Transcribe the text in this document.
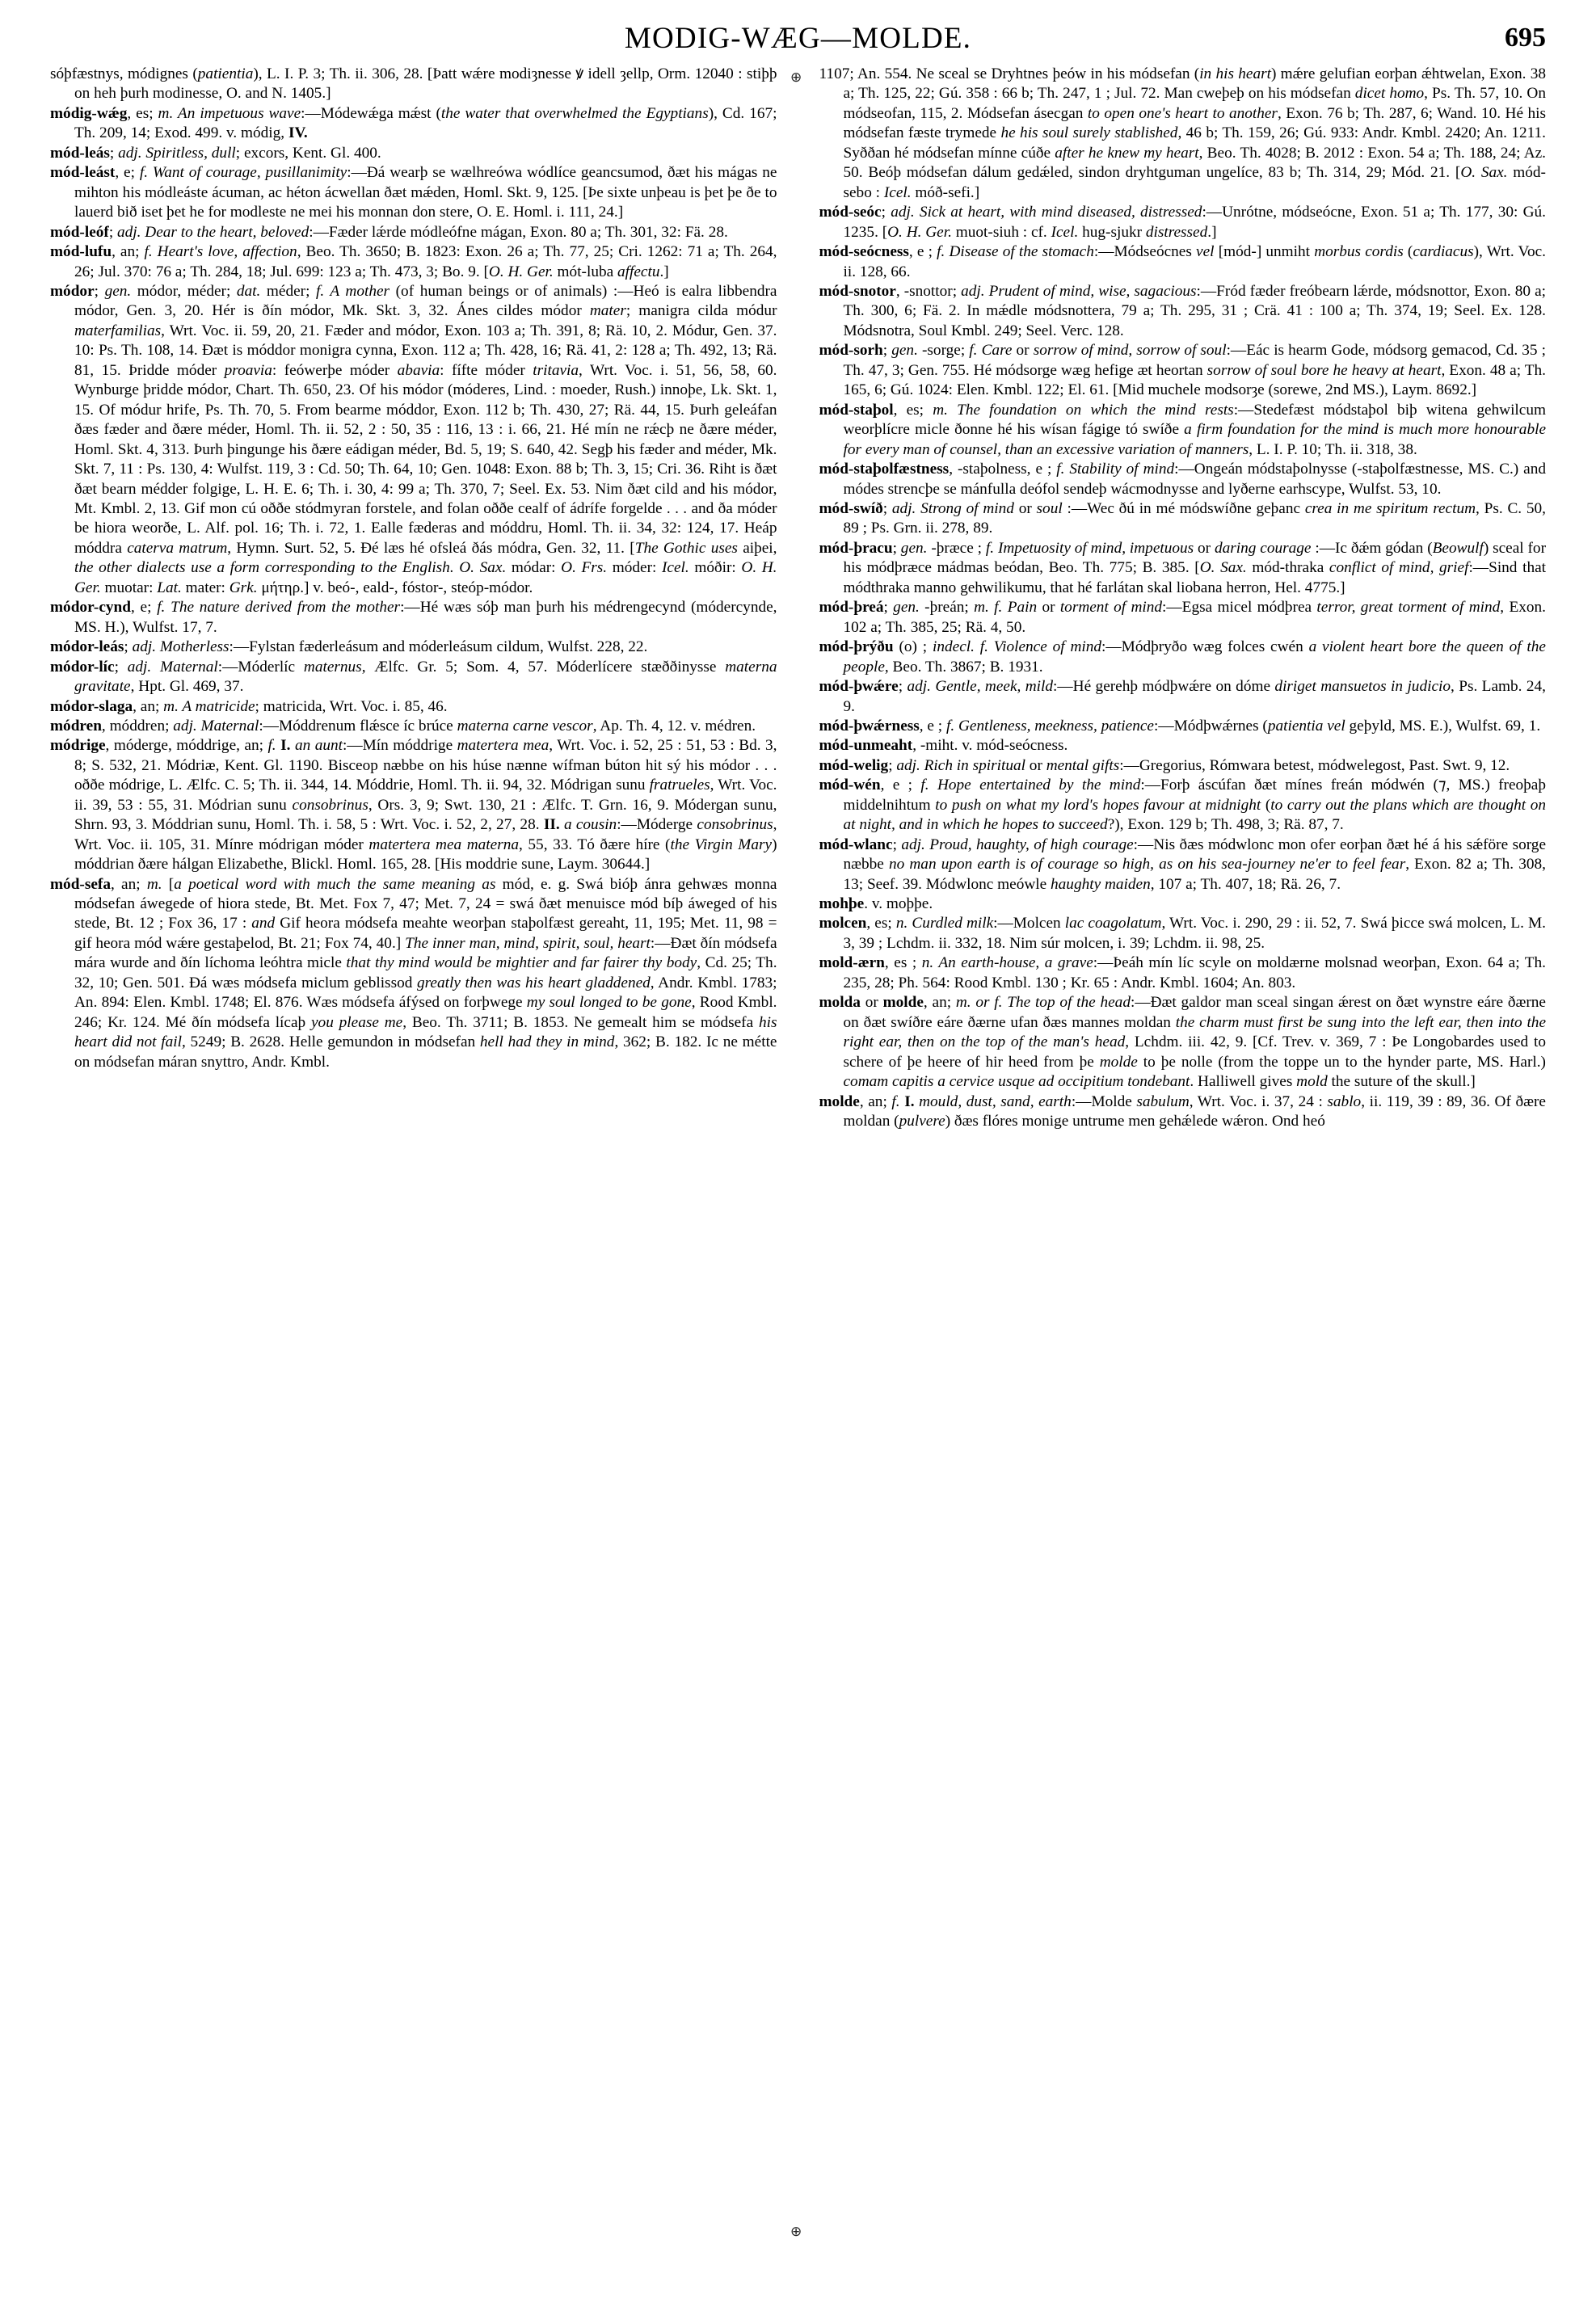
MODIG-WÆG—MOLDE.	695

sóþfæstnys, módignes (patientia), L. I. P. 3; Th. ii. 306, 28. [Þatt wǽre modiȝnesse ꝟ idell ȝellp, Orm. 12040 : stiþþ on heh þurh modinesse, O. and N. 1405.]

módig-wǽg, es; m. An impetuous wave:—Módewǽga mǽst (the water that overwhelmed the Egyptians), Cd. 167; Th. 209, 14; Exod. 499. v. módig, IV.

mód-leás; adj. Spiritless, dull; excors, Kent. Gl. 400.

mód-leást, e; f. Want of courage, pusillanimity:—Ðá wearþ se wælhreówa wódlíce geancsumod, ðæt his mágas ne mihton his módleáste ácuman, ac héton ácwellan ðæt mǽden, Homl. Skt. 9, 125. [Þe sixte unþeau is þet þe ðe to lauerd bið iset þet he for modleste ne mei his monnan don stere, O. E. Homl. i. 111, 24.]

mód-leóf; adj. Dear to the heart, beloved:—Fæder lǽrde módleófne mágan, Exon. 80 a; Th. 301, 32: Fä. 28.

mód-lufu, an; f. Heart's love, affection, Beo. Th. 3650; B. 1823: Exon. 26 a; Th. 77, 25; Cri. 1262: 71 a; Th. 264, 26; Jul. 370: 76 a; Th. 284, 18; Jul. 699: 123 a; Th. 473, 3; Bo. 9. [O. H. Ger. mót-luba affectu.]

módor; gen. módor, méder; dat. méder; f. A mother (of human beings or of animals) :—Heó is ealra libbendra módor, Gen. 3, 20. Hér is ðín módor, Mk. Skt. 3, 32. Ánes cildes módor mater; manigra cilda módur materfamilias, Wrt. Voc. ii. 59, 20, 21. Fæder and módor, Exon. 103 a; Th. 391, 8; Rä. 10, 2. Módur, Gen. 37. 10: Ps. Th. 108, 14. Ðæt is móddor monigra cynna, Exon. 112 a; Th. 428, 16; Rä. 41, 2: 128 a; Th. 492, 13; Rä. 81, 15. Þridde móder proavia: feówerþe móder abavia: fífte móder tritavia, Wrt. Voc. i. 51, 56, 58, 60. Wynburge þridde módor, Chart. Th. 650, 23. Of his módor (móderes, Lind. : moeder, Rush.) innoþe, Lk. Skt. 1, 15. Of módur hrife, Ps. Th. 70, 5. From bearme móddor, Exon. 112 b; Th. 430, 27; Rä. 44, 15. Þurh geleáfan ðæs fæder and ðære méder, Homl. Th. ii. 52, 2 : 50, 35 : 116, 13 : i. 66, 21. Hé mín ne rǽcþ ne ðære méder, Homl. Skt. 4, 313. Þurh þingunge his ðære eádigan méder, Bd. 5, 19; S. 640, 42. Segþ his fæder and méder, Mk. Skt. 7, 11 : Ps. 130, 4: Wulfst. 119, 3 : Cd. 50; Th. 64, 10; Gen. 1048: Exon. 88 b; Th. 3, 15; Cri. 36. Riht is ðæt ðæt bearn médder folgige, L. H. E. 6; Th. i. 30, 4: 99 a; Th. 370, 7; Seel. Ex. 53. Nim ðæt cild and his módor, Mt. Kmbl. 2, 13. Gif mon cú oððe stódmyran forstele, and folan oððe cealf of ádrífe forgelde . . . and ða móder be hiora weorðe, L. Alf. pol. 16; Th. i. 72, 1. Ealle fæderas and móddru, Homl. Th. ii. 34, 32: 124, 17. Heáp móddra caterva matrum, Hymn. Surt. 52, 5. Ðé læs hé ofsleá ðás módra, Gen. 32, 11. [The Gothic uses aiþei, the other dialects use a form corresponding to the English. O. Sax. módar: O. Frs. móder: Icel. móðir: O. H. Ger. muotar: Lat. mater: Grk. μήτηρ.] v. beó-, eald-, fóstor-, steóp-módor.

módor-cynd, e; f. The nature derived from the mother:—Hé wæs sóþ man þurh his médrengecynd (módercynde, MS. H.), Wulfst. 17, 7.

módor-leás; adj. Motherless:—Fylstan fæderleásum and móderleásum cildum, Wulfst. 228, 22.

módor-líc; adj. Maternal:—Móderlíc maternus, Ælfc. Gr. 5; Som. 4, 57. Móderlícere stæððinysse materna gravitate, Hpt. Gl. 469, 37.

módor-slaga, an; m. A matricide; matricida, Wrt. Voc. i. 85, 46.

módren, móddren; adj. Maternal:—Móddrenum flǽsce íc brúce materna carne vescor, Ap. Th. 4, 12. v. médren.

módrige, móderge, móddrige, an; f. I. an aunt:—Mín móddrige matertera mea, Wrt. Voc. i. 52, 25 : 51, 53 : Bd. 3, 8; S. 532, 21. Módriæ, Kent. Gl. 1190. Bisceop næbbe on his húse nænne wífman búton hit sý his módor . . . oððe módrige, L. Ælfc. C. 5; Th. ii. 344, 14. Móddrie, Homl. Th. ii. 94, 32. Módrigan sunu fratrueles, Wrt. Voc. ii. 39, 53 : 55, 31. Módrian sunu consobrinus, Ors. 3, 9; Swt. 130, 21 : Ælfc. T. Grn. 16, 9. Módergan sunu, Shrn. 93, 3. Móddrian sunu, Homl. Th. i. 58, 5 : Wrt. Voc. i. 52, 2, 27, 28. II. a cousin:—Móderge consobrinus, Wrt. Voc. ii. 105, 31. Mínre módrigan móder matertera mea materna, 55, 33. Tó ðære híre (the Virgin Mary) móddrian ðære hálgan Elizabethe, Blickl. Homl. 165, 28. [His moddrie sune, Laym. 30644.]

mód-sefa, an; m. [a poetical word with much the same meaning as mód, e. g. Swá bióþ ánra gehwæs monna módsefan áwegede of hiora stede, Bt. Met. Fox 7, 47; Met. 7, 24 = swá ðæt menuisce mód bíþ áweged of his stede, Bt. 12 ; Fox 36, 17 : and Gif heora módsefa meahte weorþan staþolfæst gereaht, 11, 195; Met. 11, 98 = gif heora mód wǽre gestaþelod, Bt. 21; Fox 74, 40.] The inner man, mind, spirit, soul, heart:—Ðæt ðín módsefa mára wurde and ðín líchoma leóhtra micle that thy mind would be mightier and far fairer thy body, Cd. 25; Th. 32, 10; Gen. 501. Ðá wæs módsefa miclum geblissod greatly then was his heart gladdened, Andr. Kmbl. 1783; An. 894: Elen. Kmbl. 1748; El. 876. Wæs módsefa áfýsed on forþwege my soul longed to be gone, Rood Kmbl. 246; Kr. 124. Mé ðín módsefa lícaþ you please me, Beo. Th. 3711; B. 1853. Ne gemealt him se módsefa his heart did not fail, 5249; B. 2628. Helle gemundon in módsefan hell had they in mind, 362; B. 182. Ic ne métte on módsefan máran snyttro, Andr. Kmbl.

⊕
⊕

1107; An. 554. Ne sceal se Dryhtnes þeów in his módsefan (in his heart) mǽre gelufian eorþan ǽhtwelan, Exon. 38 a; Th. 125, 22; Gú. 358 : 66 b; Th. 247, 1 ; Jul. 72. Man cweþeþ on his módsefan dicet homo, Ps. Th. 57, 10. On módseofan, 115, 2. Módsefan ásecgan to open one's heart to another, Exon. 76 b; Th. 287, 6; Wand. 10. Hé his módsefan fæste trymede he his soul surely stablished, 46 b; Th. 159, 26; Gú. 933: Andr. Kmbl. 2420; An. 1211. Syððan hé módsefan mínne cúðe after he knew my heart, Beo. Th. 4028; B. 2012 : Exon. 54 a; Th. 188, 24; Az. 50. Beóþ módsefan dálum gedǽled, sindon dryhtguman ungelíce, 83 b; Th. 314, 29; Mód. 21. [O. Sax. mód-sebo : Icel. móð-sefi.]

mód-seóc; adj. Sick at heart, with mind diseased, distressed:—Unrótne, módseócne, Exon. 51 a; Th. 177, 30: Gú. 1235. [O. H. Ger. muot-siuh : cf. Icel. hug-sjukr distressed.]

mód-seócness, e ; f. Disease of the stomach:—Módseócnes vel [mód-] unmiht morbus cordis (cardiacus), Wrt. Voc. ii. 128, 66.

mód-snotor, -snottor; adj. Prudent of mind, wise, sagacious:—Fród fæder freóbearn lǽrde, módsnottor, Exon. 80 a; Th. 300, 6; Fä. 2. In mǽdle módsnottera, 79 a; Th. 295, 31 ; Crä. 41 : 100 a; Th. 374, 19; Seel. Ex. 128. Módsnotra, Soul Kmbl. 249; Seel. Verc. 128.

mód-sorh; gen. -sorge; f. Care or sorrow of mind, sorrow of soul:—Eác is hearm Gode, módsorg gemacod, Cd. 35 ; Th. 47, 3; Gen. 755. Hé módsorge wæg hefige æt heortan sorrow of soul bore he heavy at heart, Exon. 48 a; Th. 165, 6; Gú. 1024: Elen. Kmbl. 122; El. 61. [Mid muchele modsorȝe (sorewe, 2nd MS.), Laym. 8692.]

mód-staþol, es; m. The foundation on which the mind rests:—Stedefæst módstaþol biþ witena gehwilcum weorþlícre micle ðonne hé his wísan fágige tó swíðe a firm foundation for the mind is much more honourable for every man of counsel, than an excessive variation of manners, L. I. P. 10; Th. ii. 318, 38.

mód-staþolfæstness, -staþolness, e ; f. Stability of mind:—Ongeán módstaþolnysse (-staþolfæstnesse, MS. C.) and módes strencþe se mánfulla deófol sendeþ wácmodnysse and lyðerne earhscype, Wulfst. 53, 10.

mód-swíð; adj. Strong of mind or soul :—Wec ðú in mé módswíðne geþanc crea in me spiritum rectum, Ps. C. 50, 89 ; Ps. Grn. ii. 278, 89.

mód-þracu; gen. -þræce ; f. Impetuosity of mind, impetuous or daring courage :—Ic ðǽm gódan (Beowulf) sceal for his módþræce mádmas beódan, Beo. Th. 775; B. 385. [O. Sax. mód-thraka conflict of mind, grief:—Sind that módthraka manno gehwilikumu, that hé farlátan skal liobana herron, Hel. 4775.]

mód-þreá; gen. -þreán; m. f. Pain or torment of mind:—Egsa micel módþrea terror, great torment of mind, Exon. 102 a; Th. 385, 25; Rä. 4, 50.

mód-þrýðu (o) ; indecl. f. Violence of mind:—Módþryðo wæg folces cwén a violent heart bore the queen of the people, Beo. Th. 3867; B. 1931.

mód-þwǽre; adj. Gentle, meek, mild:—Hé gerehþ módþwǽre on dóme diriget mansuetos in judicio, Ps. Lamb. 24, 9.

mód-þwǽrness, e ; f. Gentleness, meekness, patience:—Módþwǽrnes (patientia vel geþyld, MS. E.), Wulfst. 69, 1.

mód-unmeaht, -miht. v. mód-seócness.

mód-welig; adj. Rich in spiritual or mental gifts:—Gregorius, Rómwara betest, módwelegost, Past. Swt. 9, 12.

mód-wén, e ; f. Hope entertained by the mind:—Forþ áscúfan ðæt mínes freán módwén (⁊, MS.) freoþaþ middelnihtum to push on what my lord's hopes favour at midnight (to carry out the plans which are thought on at night, and in which he hopes to succeed?), Exon. 129 b; Th. 498, 3; Rä. 87, 7.

mód-wlanc; adj. Proud, haughty, of high courage:—Nis ðæs módwlonc mon ofer eorþan ðæt hé á his sǽföre sorge næbbe no man upon earth is of courage so high, as on his sea-journey ne'er to feel fear, Exon. 82 a; Th. 308, 13; Seef. 39. Módwlonc meówle haughty maiden, 107 a; Th. 407, 18; Rä. 26, 7.

mohþe. v. moþþe.

molcen, es; n. Curdled milk:—Molcen lac coagolatum, Wrt. Voc. i. 290, 29 : ii. 52, 7. Swá þicce swá molcen, L. M. 3, 39 ; Lchdm. ii. 332, 18. Nim súr molcen, i. 39; Lchdm. ii. 98, 25.

mold-ærn, es ; n. An earth-house, a grave:—Þeáh mín líc scyle on moldærne molsnad weorþan, Exon. 64 a; Th. 235, 28; Ph. 564: Rood Kmbl. 130 ; Kr. 65 : Andr. Kmbl. 1604; An. 803.

molda or molde, an; m. or f. The top of the head:—Ðæt galdor man sceal singan ǽrest on ðæt wynstre eáre ðærne on ðæt swíðre eáre ðærne ufan ðæs mannes moldan the charm must first be sung into the left ear, then into the right ear, then on the top of the man's head, Lchdm. iii. 42, 9. [Cf. Trev. v. 369, 7 : Þe Longobardes used to schere of þe heere of hir heed from þe molde to þe nolle (from the toppe un to the hynder parte, MS. Harl.) comam capitis a cervice usque ad occipitium tondebant. Halliwell gives mold the suture of the skull.]

molde, an; f. I. mould, dust, sand, earth:—Molde sabulum, Wrt. Voc. i. 37, 24 : sablo, ii. 119, 39 : 89, 36. Of ðære moldan (pulvere) ðæs flóres monige untrume men gehǽlede wǽron. Ond heó
